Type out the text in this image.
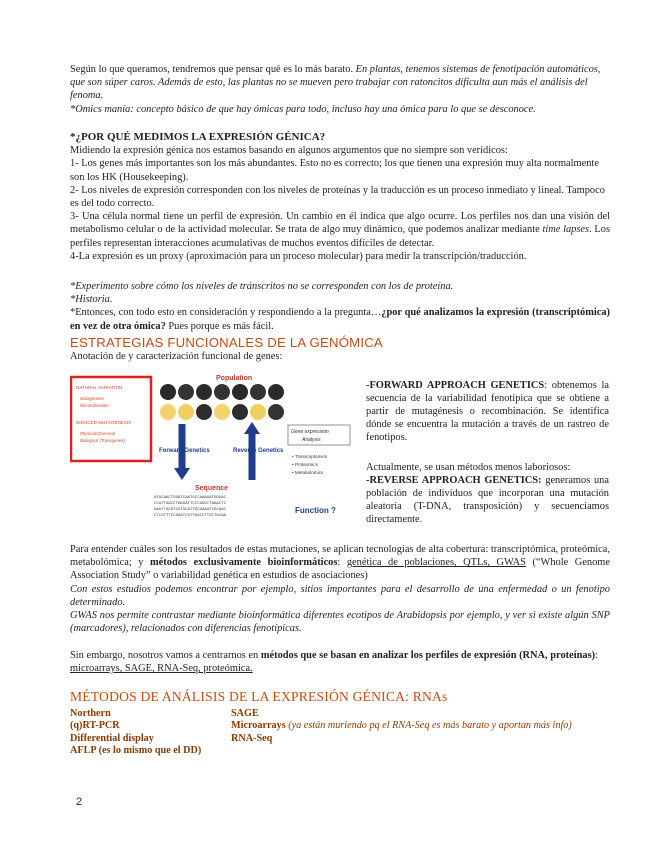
Según lo que queramos, tendremos que pensar qué es lo más barato. En plantas, tenemos sistemas de fenotipación automáticos, que son súper caros. Además de esto, las plantas no se mueven pero trabajar con ratoncitos dificulta aun más el análisis del fenoma.

*Omics manía: concepto básico de que hay ómicas para todo, incluso hay una ómica para lo que se desconoce.

*¿POR QUÉ MEDIMOS LA EXPRESIÓN GÉNICA?

Midiendo la expresión génica nos estamos basando en algunos argumentos que no siempre son verídicos:

1- Los genes más importantes son los más abundantes. Esto no es correcto; los que tienen una expresión muy alta normalmente son los HK (Housekeeping).

2- Los niveles de expresión corresponden con los niveles de proteínas y la traducción es un proceso inmediato y lineal. Tampoco es del todo correcto.

3- Una célula normal tiene un perfil de expresión. Un cambio en él indica que algo ocurre. Los perfiles nos dan una visión del metabolismo celular o de la actividad molecular. Se trata de algo muy dinámico, que podemos analizar mediante time lapses. Los perfiles representan interacciones acumulativas de muchos eventos difíciles de detectar.

4-La expresión es un proxy (aproximación para un proceso molecular) para medir la transcripción/traducción.

*Experimento sobre cómo los niveles de tránscritos no se corresponden con los de proteína.

*Historia.

*Entonces, con todo esto en consideración y respondiendo a la pregunta…¿por qué analizamos la expresión (transcriptómica) en vez de otra ómica? Pues porque es más fácil.

ESTRATEGIAS FUNCIONALES DE LA GENÓMICA

Anotación de y caracterización funcional de genes:

NATURAL VARIATION
Mutagenesis
Recombination
INDUCED MUTAGENESIS
Physical/Chemical
Biological (Transgenes)
Population
Forward Genetics	Reverse Genetics
Gene expression
Analysis
• Transcriptomics
• Proteomics
• Metabolomics
Sequence
ATGCAACTGGATCAATGCCAAAGATGGGAC
CCATTAGCCTAGGATTCCCGGGTTAAACTC
GAATTACGTCGTGCATTGCGAAATCGCGAC
CTCGTTTCCGAATCGTTAGCCTTGCTGCAA
Function ?

-FORWARD APPROACH GENETICS: obtenemos la secuencia de la variabilidad fenotípica que se obtiene a partir de mutagénesis o recombinación. Se identifica dónde se encuentra la mutación a través de un rastreo de fenotipos.

Actualmente, se usan métodos menos laboriosos:

-REVERSE APPROACH GENETICS: generamos una población de individuos que incorporan una mutación aleatoria (T-DNA, transposición) y secuenciamos directamente.

Para entender cuáles son los resultados de estas mutaciones, se aplican tecnologías de alta cobertura: transcriptómica, proteómica, metabolómica; y métodos exclusivamente bioinformáticos: genética de poblaciones, QTLs, GWAS (“Whole Genome Association Study” o variabilidad genética en estudios de asociaciones)

Con estos estudios podemos encontrar por ejemplo, sitios importantes para el desarrollo de una enfermedad o un fenotipo determinado.

GWAS nos permite contrastar mediante bioinformática diferentes ecotipos de Arabidopsis por ejemplo, y ver si existe algún SNP (marcadores), relacionados con diferencias fenotípicas.

Sin embargo, nosotros vamos a centrarnos en métodos que se basan en analizar los perfiles de expresión (RNA, proteínas): microarrays, SAGE, RNA-Seq, proteómica.

MÉTODOS DE ANÁLISIS DE LA EXPRESIÓN GÉNICA: RNAs

Northern

(q)RT-PCR

Differential display

AFLP (es lo mismo que el DD)

SAGE

Microarrays (ya están muriendo pq el RNA-Seq es más barato y aportan más info)

RNA-Seq

2
